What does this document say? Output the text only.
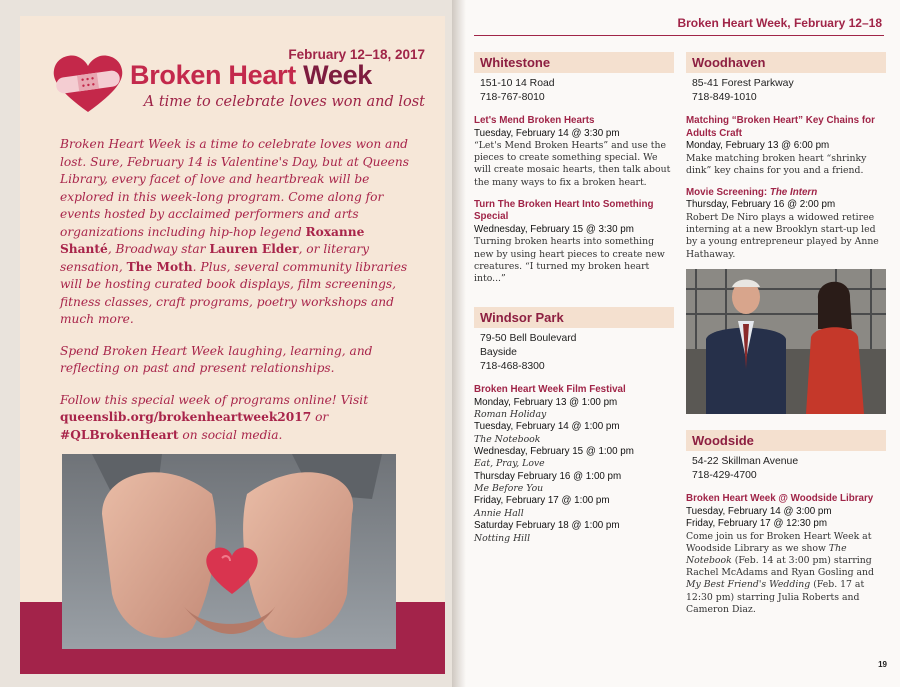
February 12–18, 2017
Broken Heart Week
A time to celebrate loves won and lost

Broken Heart Week is a time to celebrate loves won and lost. Sure, February 14 is Valentine's Day, but at Queens Library, every facet of love and heartbreak will be explored in this week-long program. Come along for events hosted by acclaimed performers and arts organizations including hip-hop legend Roxanne Shanté, Broadway star Lauren Elder, or literary sensation, The Moth. Plus, several community libraries will be hosting curated book displays, film screenings, fitness classes, craft programs, poetry workshops and much more.

Spend Broken Heart Week laughing, learning, and reflecting on past and present relationships.

Follow this special week of programs online! Visit queenslib.org/brokenheartweek2017 or #QLBrokenHeart on social media.

Broken Heart Week, February 12–18
Whitestone
151-10 14 Road
718-767-8010
Let's Mend Broken Hearts
Tuesday, February 14 @ 3:30 pm
“Let's Mend Broken Hearts” and use the pieces to create something special. We will create mosaic hearts, then talk about the many ways to fix a broken heart.
Turn The Broken Heart Into Something Special
Wednesday, February 15 @ 3:30 pm
Turning broken hearts into something new by using heart pieces to create new creatures. “I turned my broken heart into...”
Windsor Park
79-50 Bell Boulevard
Bayside
718-468-8300
Broken Heart Week Film Festival
Monday, February 13 @ 1:00 pm
Roman Holiday
Tuesday, February 14 @ 1:00 pm
The Notebook
Wednesday, February 15 @ 1:00 pm
Eat, Pray, Love
Thursday February 16 @ 1:00 pm
Me Before You
Friday, February 17 @ 1:00 pm
Annie Hall
Saturday February 18 @ 1:00 pm
Notting Hill
Woodhaven
85-41 Forest Parkway
718-849-1010
Matching “Broken Heart” Key Chains for Adults Craft
Monday, February 13 @ 6:00 pm
Make matching broken heart “shrinky dink” key chains for you and a friend.
Movie Screening: The Intern
Thursday, February 16 @ 2:00 pm
Robert De Niro plays a widowed retiree interning at a new Brooklyn start-up led by a young entrepreneur played by Anne Hathaway.
Woodside
54-22 Skillman Avenue
718-429-4700
Broken Heart Week @ Woodside Library
Tuesday, February 14 @ 3:00 pm
Friday, February 17 @ 12:30 pm
Come join us for Broken Heart Week at Woodside Library as we show The Notebook (Feb. 14 at 3:00 pm) starring Rachel McAdams and Ryan Gosling and My Best Friend's Wedding (Feb. 17 at 12:30 pm) starring Julia Roberts and Cameron Diaz.
19
